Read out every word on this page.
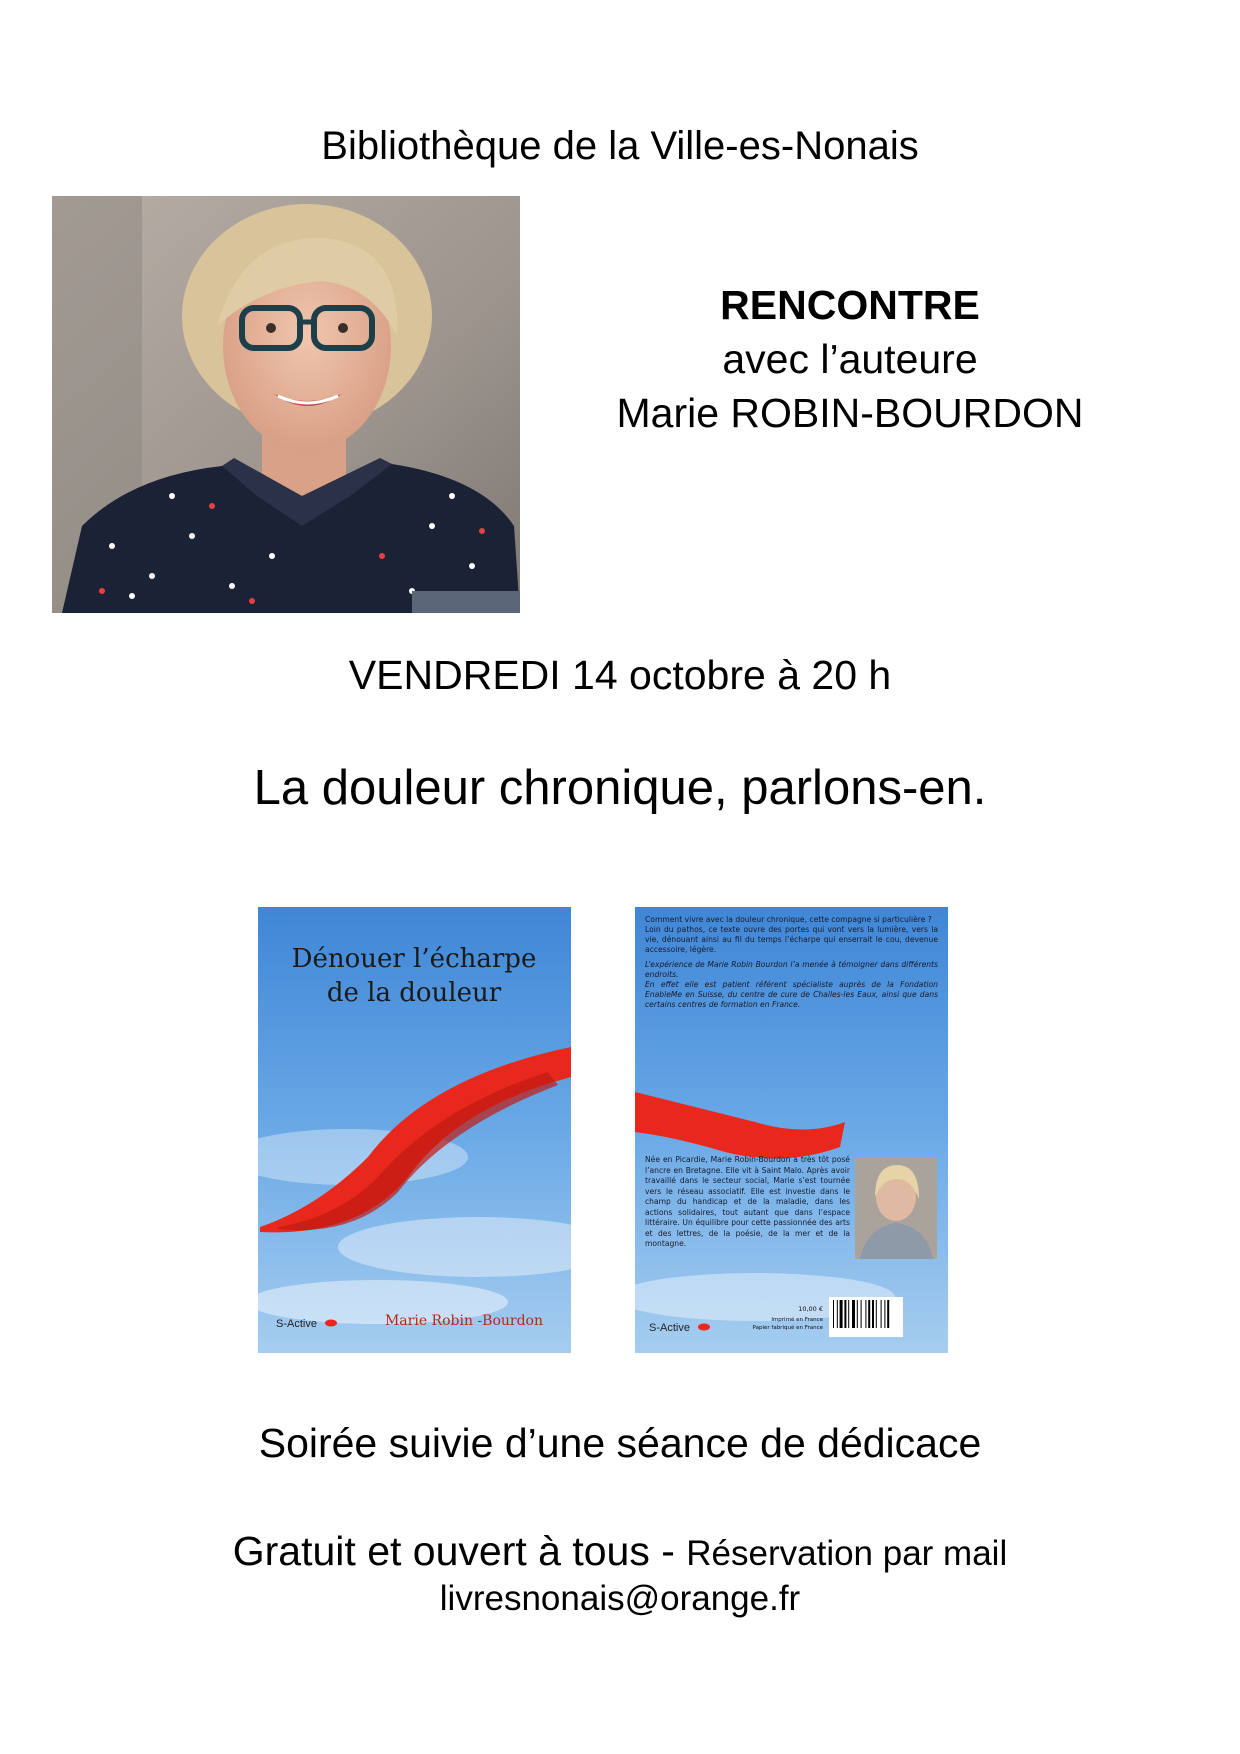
Bibliothèque de la Ville-es-Nonais
RENCONTRE
avec l’auteure
Marie ROBIN-BOURDON
VENDREDI 14 octobre à 20 h
La douleur chronique, parlons-en.
Dénouer l’écharpe
de la douleur
S-Active	Marie Robin -Bourdon
Comment vivre avec la douleur chronique, cette compagne si particulière ?
Loin du pathos, ce texte ouvre des portes qui vont vers la lumière, vers la vie, dénouant ainsi au fil du temps l’écharpe qui enserrait le cou, devenue accessoire, légère.
L’expérience de Marie Robin Bourdon l’a menée à témoigner dans différents endroits.
En effet elle est patient référent spécialiste auprès de la Fondation EnableMe en Suisse, du centre de cure de Challes-les Eaux, ainsi que dans certains centres de formation en France.
Née en Picardie, Marie Robin-Bourdon a très tôt posé l’ancre en Bretagne. Elle vit à Saint Malo. Après avoir travaillé dans le secteur social, Marie s’est tournée vers le réseau associatif. Elle est investie dans le champ du handicap et de la maladie, dans les actions solidaires, tout autant que dans l’espace littéraire. Un équilibre pour cette passionnée des arts et des lettres, de la poésie, de la mer et de la montagne.
S-Active
10,00 €
Imprimé en France
Papier fabriqué en France
Soirée suivie d’une séance de dédicace
Gratuit et ouvert à tous - Réservation par mail
livresnonais@orange.fr
